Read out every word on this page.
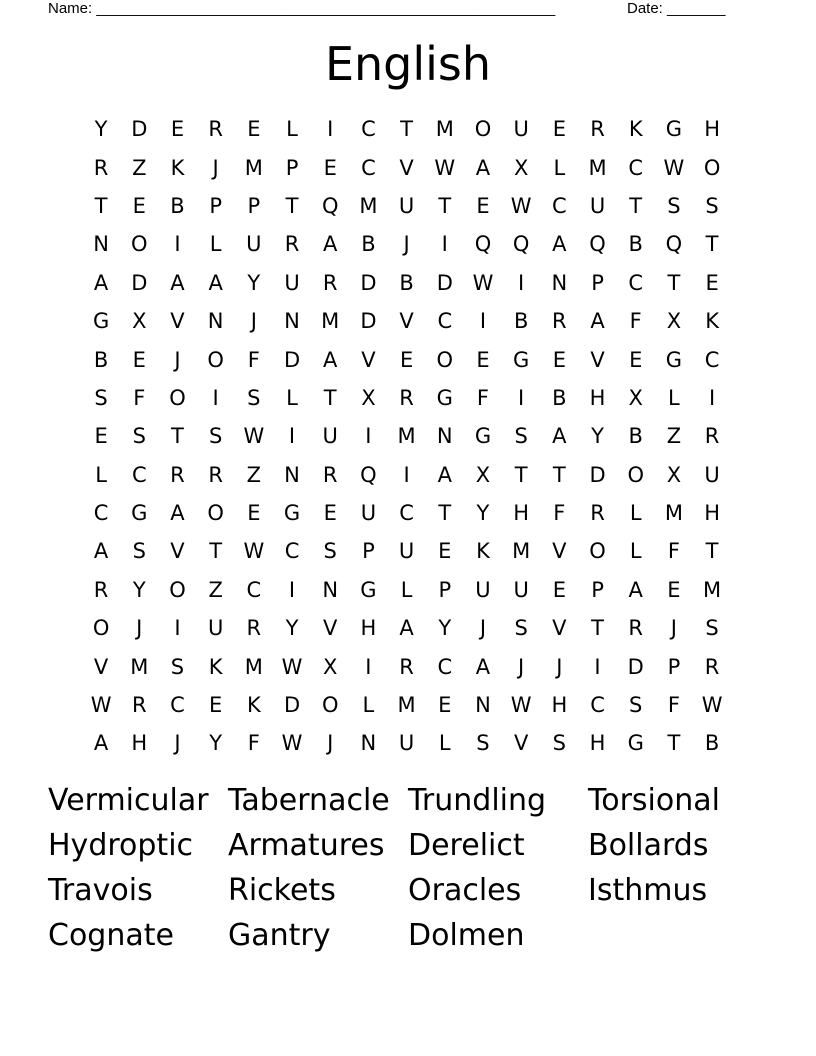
Name: _______________________________________________________	Date: _______
English
Y	D	E	R	E	L	I	C	T	M O	U	E	R	K	G	H
R	Z	K	J	M	P	E	C	V W A	X	L	M	C W O
T	E	B	P	P	T	Q M	U	T	E	W C	U	T	S	S
N	O	I	L	U	R	A	B	J	I	Q	Q	A	Q	B	Q	T
A	D	A	A	Y	U	R	D	B	D W	I	N	P	C	T	E
G	X	V	N	J	N	M	D	V	C	I	B	R	A	F	X	K
B	E	J	O	F	D	A	V	E	O	E	G	E	V	E	G	C
S	F	O	I	S	L	T	X	R	G	F	I	B	H	X	L	I
E	S	T	S	W	I	U	I	M	N	G	S	A	Y	B	Z	R
L	C	R	R	Z	N	R	Q	I	A	X	T	T	D	O	X	U
C	G	A	O	E	G	E	U	C	T	Y	H	F	R	L	M	H
A	S	V	T	W C	S	P	U	E	K	M	V	O	L	F	T
R	Y	O	Z	C	I	N	G	L	P	U	U	E	P	A	E	M
O	J	I	U	R	Y	V	H	A	Y	J	S	V	T	R	J	S
V	M	S	K	M W X	I	R	C	A	J	J	I	D	P	R
W R	C	E	K	D	O	L	M	E	N W H	C	S	F	W
A	H	J	Y	F	W	J	N	U	L	S	V	S	H	G	T	B
Vermicular Tabernacle Trundling	Torsional
Hydroptic	Armatures Derelict	Bollards
Travois	Rickets	Oracles	Isthmus
Cognate	Gantry	Dolmen
